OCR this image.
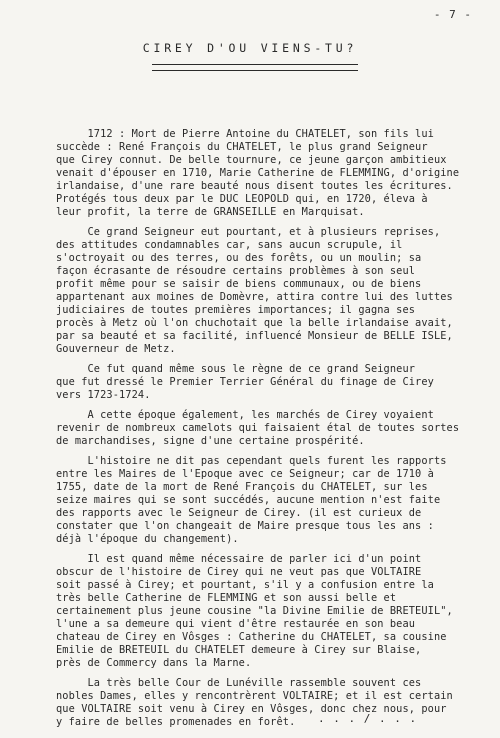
- 7 -
CIREY D'OU VIENS-TU?
1712 : Mort de Pierre Antoine du CHATELET, son fils lui
succède : René François du CHATELET, le plus grand Seigneur
que Cirey connut. De belle tournure, ce jeune garçon ambitieux
venait d'épouser en 1710, Marie Catherine de FLEMMING, d'origine
irlandaise, d'une rare beauté nous disent toutes les écritures.
Protégés tous deux par le DUC LEOPOLD qui, en 1720, éleva à
leur profit, la terre de GRANSEILLE en Marquisat.
Ce grand Seigneur eut pourtant, et à plusieurs reprises,
des attitudes condamnables car, sans aucun scrupule, il
s'octroyait ou des terres, ou des forêts, ou un moulin; sa
façon écrasante de résoudre certains problèmes à son seul
profit même pour se saisir de biens communaux, ou de biens
appartenant aux moines de Domèvre, attira contre lui des luttes
judiciaires de toutes premières importances; il gagna ses
procès à Metz où l'on chuchotait que la belle irlandaise avait,
par sa beauté et sa facilité, influencé Monsieur de BELLE ISLE,
Gouverneur de Metz.
Ce fut quand même sous le règne de ce grand Seigneur
que fut dressé le Premier Terrier Général du finage de Cirey
vers 1723-1724.
A cette époque également, les marchés de Cirey voyaient
revenir de nombreux camelots qui faisaient étal de toutes sortes
de marchandises, signe d'une certaine prospérité.
L'histoire ne dit pas cependant quels furent les rapports
entre les Maires de l'Epoque avec ce Seigneur; car de 1710 à
1755, date de la mort de René François du CHATELET, sur les
seize maires qui se sont succédés, aucune mention n'est faite
des rapports avec le Seigneur de Cirey. (il est curieux de
constater que l'on changeait de Maire presque tous les ans :
déjà l'époque du changement).
Il est quand même nécessaire de parler ici d'un point
obscur de l'histoire de Cirey qui ne veut pas que VOLTAIRE
soit passé à Cirey; et pourtant, s'il y a confusion entre la
très belle Catherine de FLEMMING et son aussi belle et
certainement plus jeune cousine "la Divine Emilie de BRETEUIL",
l'une a sa demeure qui vient d'être restaurée en son beau
chateau de Cirey en Vôsges : Catherine du CHATELET, sa cousine
Emilie de BRETEUIL du CHATELET demeure à Cirey sur Blaise,
près de Commercy dans la Marne.
La très belle Cour de Lunéville rassemble souvent ces
nobles Dames, elles y rencontrèrent VOLTAIRE; et il est certain
que VOLTAIRE soit venu à Cirey en Vôsges, donc chez nous, pour
y faire de belles promenades en forêt.	. . . / . . .
